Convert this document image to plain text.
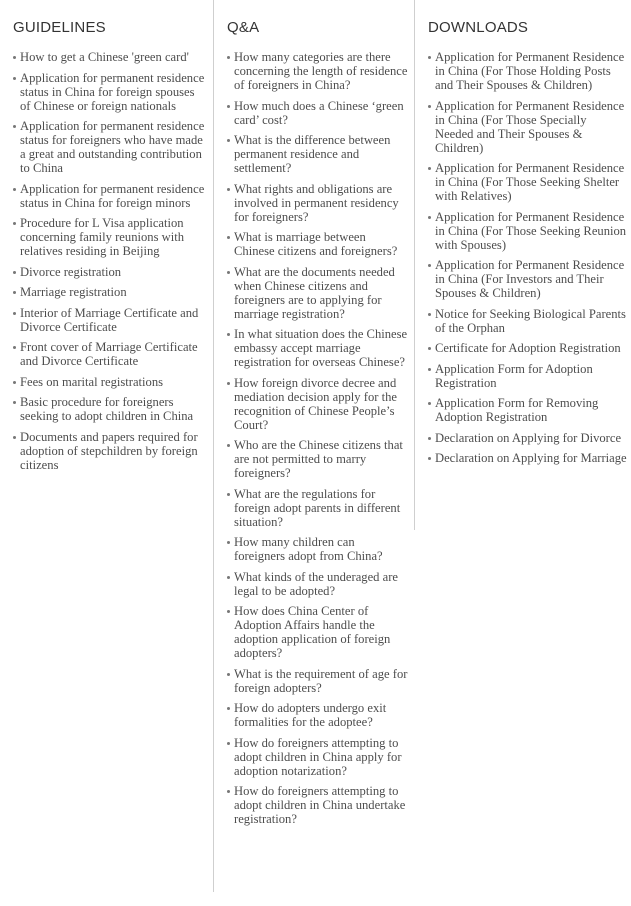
GUIDELINES
How to get a Chinese 'green card'
Application for permanent residence status in China for foreign spouses of Chinese or foreign nationals
Application for permanent residence status for foreigners who have made a great and outstanding contribution to China
Application for permanent residence status in China for foreign minors
Procedure for L Visa application concerning family reunions with relatives residing in Beijing
Divorce registration
Marriage registration
Interior of Marriage Certificate and Divorce Certificate
Front cover of Marriage Certificate and Divorce Certificate
Fees on marital registrations
Basic procedure for foreigners seeking to adopt children in China
Documents and papers required for adoption of stepchildren by foreign citizens
Q&A
How many categories are there concerning the length of residence of foreigners in China?
How much does a Chinese ‘green card’ cost?
What is the difference between permanent residence and settlement?
What rights and obligations are involved in permanent residency for foreigners?
What is marriage between Chinese citizens and foreigners?
What are the documents needed when Chinese citizens and foreigners are to applying for marriage registration?
In what situation does the Chinese embassy accept marriage registration for overseas Chinese?
How foreign divorce decree and mediation decision apply for the recognition of Chinese People’s Court?
Who are the Chinese citizens that are not permitted to marry foreigners?
What are the regulations for foreign adopt parents in different situation?
How many children can foreigners adopt from China?
What kinds of the underaged are legal to be adopted?
How does China Center of Adoption Affairs handle the adoption application of foreign adopters?
What is the requirement of age for foreign adopters?
How do adopters undergo exit formalities for the adoptee?
How do foreigners attempting to adopt children in China apply for adoption notarization?
How do foreigners attempting to adopt children in China undertake registration?
DOWNLOADS
Application for Permanent Residence in China (For Those Holding Posts and Their Spouses & Children)
Application for Permanent Residence in China (For Those Specially Needed and Their Spouses & Children)
Application for Permanent Residence in China (For Those Seeking Shelter with Relatives)
Application for Permanent Residence in China (For Those Seeking Reunion with Spouses)
Application for Permanent Residence in China (For Investors and Their Spouses & Children)
Notice for Seeking Biological Parents of the Orphan
Certificate for Adoption Registration
Application Form for Adoption Registration
Application Form for Removing Adoption Registration
Declaration on Applying for Divorce
Declaration on Applying for Marriage
